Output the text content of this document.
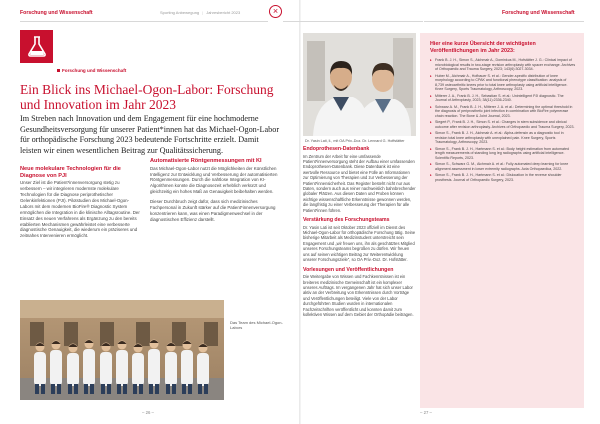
Forschung und Wissenschaft	Sporting Anbewegung | Jahresbericht 2023	×	Forschung und Wissenschaft
Forschung und Wissenschaft
Ein Blick ins Michael-Ogon-Labor: Forschung und Innovation im Jahr 2023
Im Streben nach Innovation und dem Engagement für eine hochmoderne Gesundheitsversorgung für unserer Patient*innen hat das Michael-Ogon-Labor für orthopädische Forschung 2023 bedeutende Fortschritte erzielt. Damit leisten wir einen wesentlichen Beitrag zur Qualitätssicherung.
Neue molekulare Technologien für die Diagnose von PJI

Unser Ziel ist die Patient*innenversorgung stetig zu verbessern – wir integrieren modernste molekulare Technologien für die Diagnose periprothetischer Gelenkinfektionen (PJI). Pilotstudien des Michael-Ogon-Labors mit dem modernen BioFire® Diagnostic System ermöglichen die Integration in die klinische Alltagsroutine. Der Einsatz des neuen Verfahrens als Ergänzung zu den bereits etablierten Mechanismen gewährleistet eine verbesserte diagnostische Genauigkeit, die wiederum ein präziseres und zeitnahes Intervenieren ermöglicht.

Automatisierte Röntgenmessungen mit KI

Das Michael-Ogon-Labor nutzt die Möglichkeiten der Künstlichen Intelligenz zur Entwicklung und Verbesserung der automatisierten Röntgenmessungen. Durch die nahtlose Integration von KI-Algorithmen konnte die Diagnosezeit erheblich verkürzt und gleichzeitig ein hohes Maß an Genauigkeit beibehalten werden.

Dieser Durchbruch zeigt dafür, dass sich medizinisches Fachpersonal in Zukunft stärker auf die Patient*innenversorgung konzentrieren kann, was einen Paradigmenwechsel in der diagnostischen Effizienz darstellt.

Das Team des Michael-Ogon-Labors
– 26 –
Dr. Yasin Lati, li., mit OA Priv.-Doz. Dr. Lennard G. Hoffstätter
Endoprothesen-Datenbank

Im Zentrum der Arbeit für eine umfassende Patient*innenversorgung steht der Aufbau einer umfassenden Endoprothesen-Datenbank. Diese Datenbank ist eine wertvolle Ressource und bietet eine Fülle an Informationen zur Optimierung von Therapien und zur Verbesserung der Patient*innensicherheit. Das Register besteht nicht nur aus Daten, sondern auch aus reiner nachweislich bahnbrechender globaler Plätzen. Aus diesen Daten und Proben können wichtige wissenschaftliche Erkenntnisse gewonnen werden, die langfristig zu einer Verbesserung der Therapien für alle Patient*innen führen.

Verstärkung des Forschungsteams

Dr. Yasin Lati ist seit Oktober 2023 offiziell im Dienst des Michael-Ogon-Labor für orthopädische Forschung tätig. Seine bisherige Mitarbeit als Medizinstudent unterstreicht sein Engagement und „wir freuen uns, ihn als geschätztes Mitglied unseres Forschungsteams begrüßen zu dürfen. Wir freuen uns auf seinen wichtigen Beitrag zur Weiterentwicklung unserer Forschungsziele“, so OA Priv.-Doz. Dr. Hofstätter.

Vorlesungen und Veröffentlichungen

Die Weitergabe von Wissen und Fachkenntnissen ist ein breiteres medizinische Gemeinschaft ist ein komplexer unseres Auftrags. Im vergangenen Jahr hat sich unser Labor aktiv an der Verbreitung von Erkenntnissen durch Vorträge und Veröffentlichungen beteiligt. Viele von der Labor durchgeführten Studien wurden in internationalen Fachzeitschriften veröffentlicht und konnten damit zum kollektiven Wissen auf dem Gebiet der Orthopädie beitragen.

Hier eine kurze Übersicht der wichtigsten Veröffentlichungen im Jahr 2023:
▸ Frank B. J. H., Simon S., Aichmair A., Dominkus M., Hofstätter J. G.: Clinical impact of microbiological results in two-stage revision arthroplasty with spacer exchange. Archives of Orthopaedic and Trauma Surgery, 2023; 143(6):3027-3034.
▸ Huber M., Aichmair A., Hofbauer S. et al.: Gender-specific distribution of knee morphology according to CPAK and functional phenotype classification: analysis of 8,739 osteoarthritic knees prior to total knee arthroplasty using artificial intelligence. Knee Surgery, Sports Traumatology, Arthroscopy, 2023.
▸ Mitterer J. A., Frank B. J. H., Sebastian S. et al.: Unintelligent PJI diagnostic. The Journal of Arthroplasty, 2023; 38(11):2336-2340.
▸ Schwarz A. M., Frank B. J. H., Mitterer J. A. et al.: Determining the optimal threshold in the diagnosis of periprosthetic joint infection in combination with BioFire polymerase chain reaction. The Bone & Joint Journal, 2023.
▸ Siegert P., Frank B. J. H., Simon S. et al.: Changes in stem subsidence and clinical outcome after revision arthroplasty. Archives of Orthopaedic and Trauma Surgery, 2023.
▸ Simon S., Frank B. J. H., Aichmair A. et al.: Alpha-defensin as a diagnostic tool in revision total knee arthroplasty with unexplained pain. Knee Surgery, Sports Traumatology, Arthroscopy, 2023.
▸ Simon S., Frank B. J. H., Hartmann S. et al.: Body height estimation from automated length measurements of standing long leg radiographs using artificial intelligence. Scientific Reports, 2023.
▸ Simon S., Schwarz G. M., Aichmair A. et al.: Fully automated deep learning for knee alignment assessment in lower extremity radiographs. Acta Orthopaedica, 2022.
▸ Simon S., Frank B. J. H., Hartmann S. et al.: Dislocation in the reverse shoulder prosthesis. Journal of Orthopaedic Surgery, 2023.
– 27 –
